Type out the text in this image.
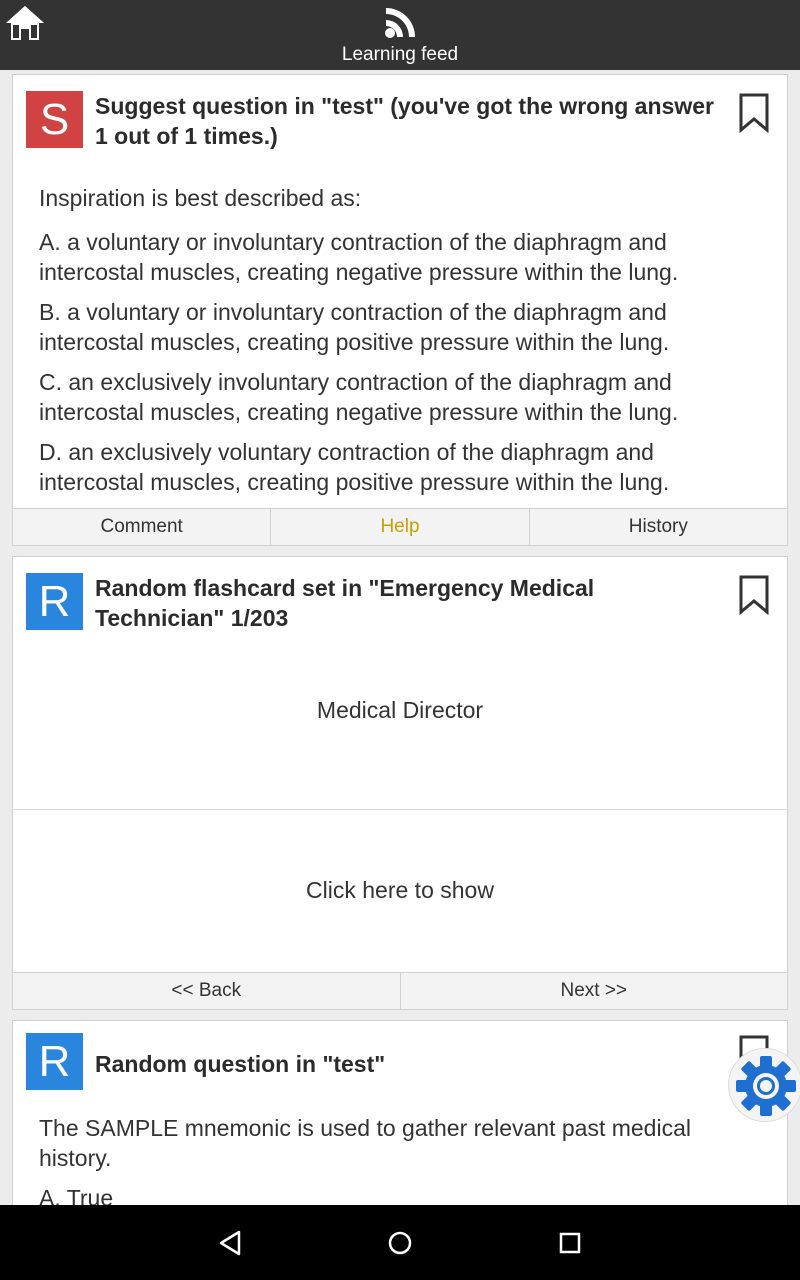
Learning feed
S	Suggest question in "test" (you've got the wrong answer 1 out of 1 times.)
Inspiration is best described as:
A. a voluntary or involuntary contraction of the diaphragm and intercostal muscles, creating negative pressure within the lung.
B. a voluntary or involuntary contraction of the diaphragm and intercostal muscles, creating positive pressure within the lung.
C. an exclusively involuntary contraction of the diaphragm and intercostal muscles, creating negative pressure within the lung.
D. an exclusively voluntary contraction of the diaphragm and intercostal muscles, creating positive pressure within the lung.
Comment	Help	History
R	Random flashcard set in "Emergency Medical Technician" 1/203
Medical Director
Click here to show
<< Back	Next >>
R	Random question in "test"
The SAMPLE mnemonic is used to gather relevant past medical history.
A. True
